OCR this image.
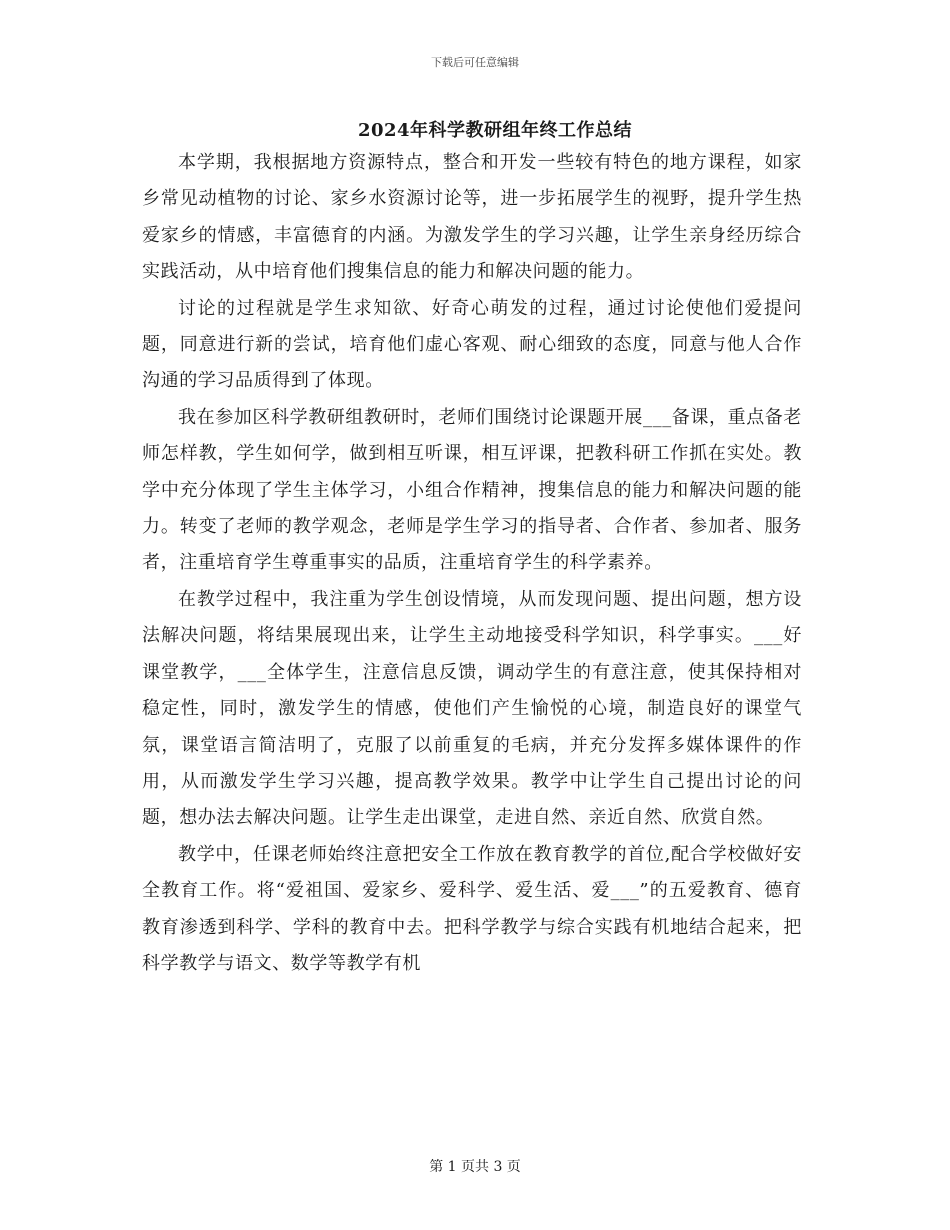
下载后可任意编辑
2024年科学教研组年终工作总结

本学期，我根据地方资源特点，整合和开发一些较有特色的地方课程，如家乡常见动植物的讨论、家乡水资源讨论等，进一步拓展学生的视野，提升学生热爱家乡的情感，丰富德育的内涵。为激发学生的学习兴趣，让学生亲身经历综合实践活动，从中培育他们搜集信息的能力和解决问题的能力。

讨论的过程就是学生求知欲、好奇心萌发的过程，通过讨论使他们爱提问题，同意进行新的尝试，培育他们虚心客观、耐心细致的态度，同意与他人合作沟通的学习品质得到了体现。

我在参加区科学教研组教研时，老师们围绕讨论课题开展___备课，重点备老师怎样教，学生如何学，做到相互听课，相互评课，把教科研工作抓在实处。教学中充分体现了学生主体学习，小组合作精神，搜集信息的能力和解决问题的能力。转变了老师的教学观念，老师是学生学习的指导者、合作者、参加者、服务者，注重培育学生尊重事实的品质，注重培育学生的科学素养。

在教学过程中，我注重为学生创设情境，从而发现问题、提出问题，想方设法解决问题，将结果展现出来，让学生主动地接受科学知识，科学事实。___好课堂教学，___全体学生，注意信息反馈，调动学生的有意注意，使其保持相对稳定性，同时，激发学生的情感，使他们产生愉悦的心境，制造良好的课堂气氛，课堂语言简洁明了，克服了以前重复的毛病，并充分发挥多媒体课件的作用，从而激发学生学习兴趣，提高教学效果。教学中让学生自己提出讨论的问题，想办法去解决问题。让学生走出课堂，走进自然、亲近自然、欣赏自然。

教学中，任课老师始终注意把安全工作放在教育教学的首位,配合学校做好安全教育工作。将“爱祖国、爱家乡、爱科学、爱生活、爱___”的五爱教育、德育教育渗透到科学、学科的教育中去。把科学教学与综合实践有机地结合起来，把科学教学与语文、数学等教学有机

第 1 页共 3 页
